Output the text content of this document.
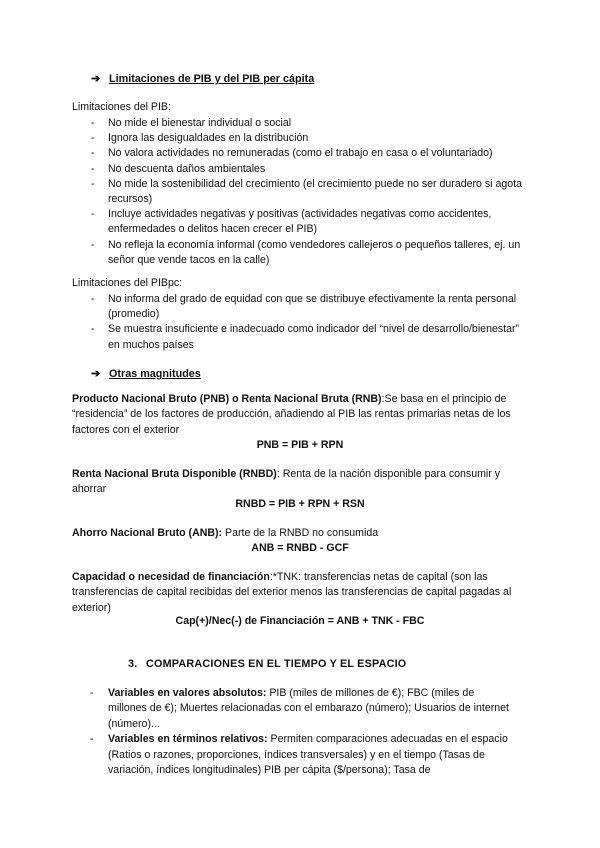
➔ Limitaciones de PIB y del PIB per cápita
Limitaciones del PIB:
- No mide el bienestar individual o social
- Ignora las desigualdades en la distribución
- No valora actividades no remuneradas (como el trabajo en casa o el voluntariado)
- No descuenta daños ambientales
- No mide la sostenibilidad del crecimiento (el crecimiento puede no ser duradero si agota recursos)
- Incluye actividades negativas y positivas (actividades negativas como accidentes, enfermedades o delitos hacen crecer el PIB)
- No refleja la economía informal (como vendedores callejeros o pequeños talleres, ej. un señor que vende tacos en la calle)
Limitaciones del PIBpc:
- No informa del grado de equidad con que se distribuye efectivamente la renta personal (promedio)
- Se muestra insuficiente e inadecuado como indicador del “nivel de desarrollo/bienestar” en muchos países
➔ Otras magnitudes
Producto Nacional Bruto (PNB) o Renta Nacional Bruta (RNB):Se basa en el principio de “residencia” de los factores de producción, añadiendo al PIB las rentas primarias netas de los factores con el exterior
PNB = PIB + RPN
Renta Nacional Bruta Disponible (RNBD): Renta de la nación disponible para consumir y ahorrar
RNBD = PIB + RPN + RSN
Ahorro Nacional Bruto (ANB): Parte de la RNBD no consumida
ANB = RNBD - GCF
Capacidad o necesidad de financiación:*TNK: transferencias netas de capital (son las transferencias de capital recibidas del exterior menos las transferencias de capital pagadas al exterior)
Cap(+)/Nec(-) de Financiación = ANB + TNK - FBC
3. COMPARACIONES EN EL TIEMPO Y EL ESPACIO
- Variables en valores absolutos: PIB (miles de millones de €); FBC (miles de millones de €); Muertes relacionadas con el embarazo (número); Usuarios de internet (número)...
- Variables en términos relativos: Permiten comparaciones adecuadas en el espacio (Ratios o razones, proporciones, índices transversales) y en el tiempo (Tasas de variación, índices longitudinales) PIB per cápita ($/persona); Tasa de
